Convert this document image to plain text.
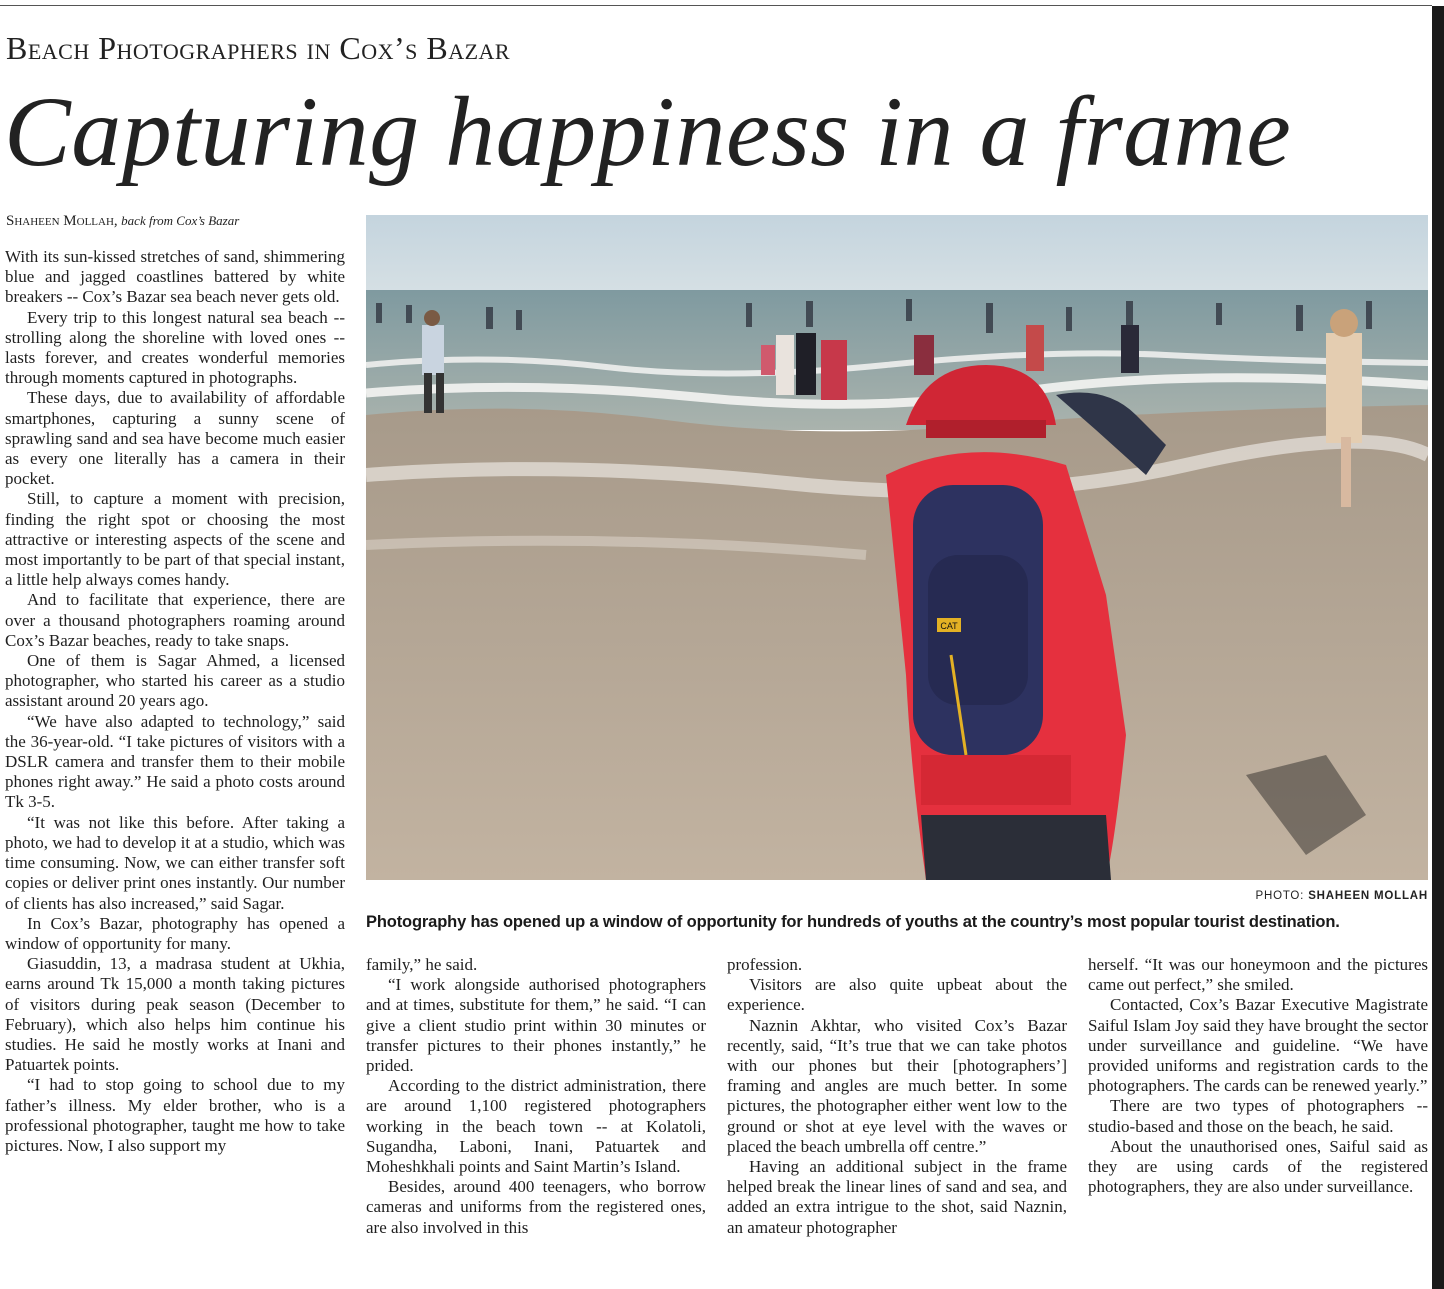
Beach Photographers in Cox’s Bazar
Capturing happiness in a frame
Shaheen Mollah, back from Cox’s Bazar

With its sun-kissed stretches of sand, shimmering blue and jagged coastlines battered by white breakers -- Cox’s Bazar sea beach never gets old.

Every trip to this longest natural sea beach -- strolling along the shoreline with loved ones -- lasts forever, and creates wonderful memories through moments captured in photographs.

These days, due to availability of affordable smartphones, capturing a sunny scene of sprawling sand and sea have become much easier as every one literally has a camera in their pocket.

Still, to capture a moment with precision, finding the right spot or choosing the most attractive or interesting aspects of the scene and most importantly to be part of that special instant, a little help always comes handy.

And to facilitate that experience, there are over a thousand photographers roaming around Cox’s Bazar beaches, ready to take snaps.

One of them is Sagar Ahmed, a licensed photographer, who started his career as a studio assistant around 20 years ago.

“We have also adapted to technology,” said the 36-year-old. “I take pictures of visitors with a DSLR camera and transfer them to their mobile phones right away.” He said a photo costs around Tk 3-5.

“It was not like this before. After taking a photo, we had to develop it at a studio, which was time consuming. Now, we can either transfer soft copies or deliver print ones instantly. Our number of clients has also increased,” said Sagar.

In Cox’s Bazar, photography has opened a window of opportunity for many.

Giasuddin, 13, a madrasa student at Ukhia, earns around Tk 15,000 a month taking pictures of visitors during peak season (December to February), which also helps him continue his studies. He said he mostly works at Inani and Patuartek points.

“I had to stop going to school due to my father’s illness. My elder brother, who is a professional photographer, taught me how to take pictures. Now, I also support my

CAT
PHOTO: SHAHEEN MOLLAH
Photography has opened up a window of opportunity for hundreds of youths at the country’s most popular tourist destination.

family,” he said.

“I work alongside authorised photographers and at times, substitute for them,” he said. “I can give a client studio print within 30 minutes or transfer pictures to their phones instantly,” he prided.

According to the district administration, there are around 1,100 registered photographers working in the beach town -- at Kolatoli, Sugandha, Laboni, Inani, Patuartek and Moheshkhali points and Saint Martin’s Island.

Besides, around 400 teenagers, who borrow cameras and uniforms from the registered ones, are also involved in this

profession.

Visitors are also quite upbeat about the experience.

Naznin Akhtar, who visited Cox’s Bazar recently, said, “It’s true that we can take photos with our phones but their [photographers’] framing and angles are much better. In some pictures, the photographer either went low to the ground or shot at eye level with the waves or placed the beach umbrella off centre.”

Having an additional subject in the frame helped break the linear lines of sand and sea, and added an extra intrigue to the shot, said Naznin, an amateur photographer

herself. “It was our honeymoon and the pictures came out perfect,” she smiled.

Contacted, Cox’s Bazar Executive Magistrate Saiful Islam Joy said they have brought the sector under surveillance and guideline. “We have provided uniforms and registration cards to the photographers. The cards can be renewed yearly.”

There are two types of photographers -- studio-based and those on the beach, he said.

About the unauthorised ones, Saiful said as they are using cards of the registered photographers, they are also under surveillance.
